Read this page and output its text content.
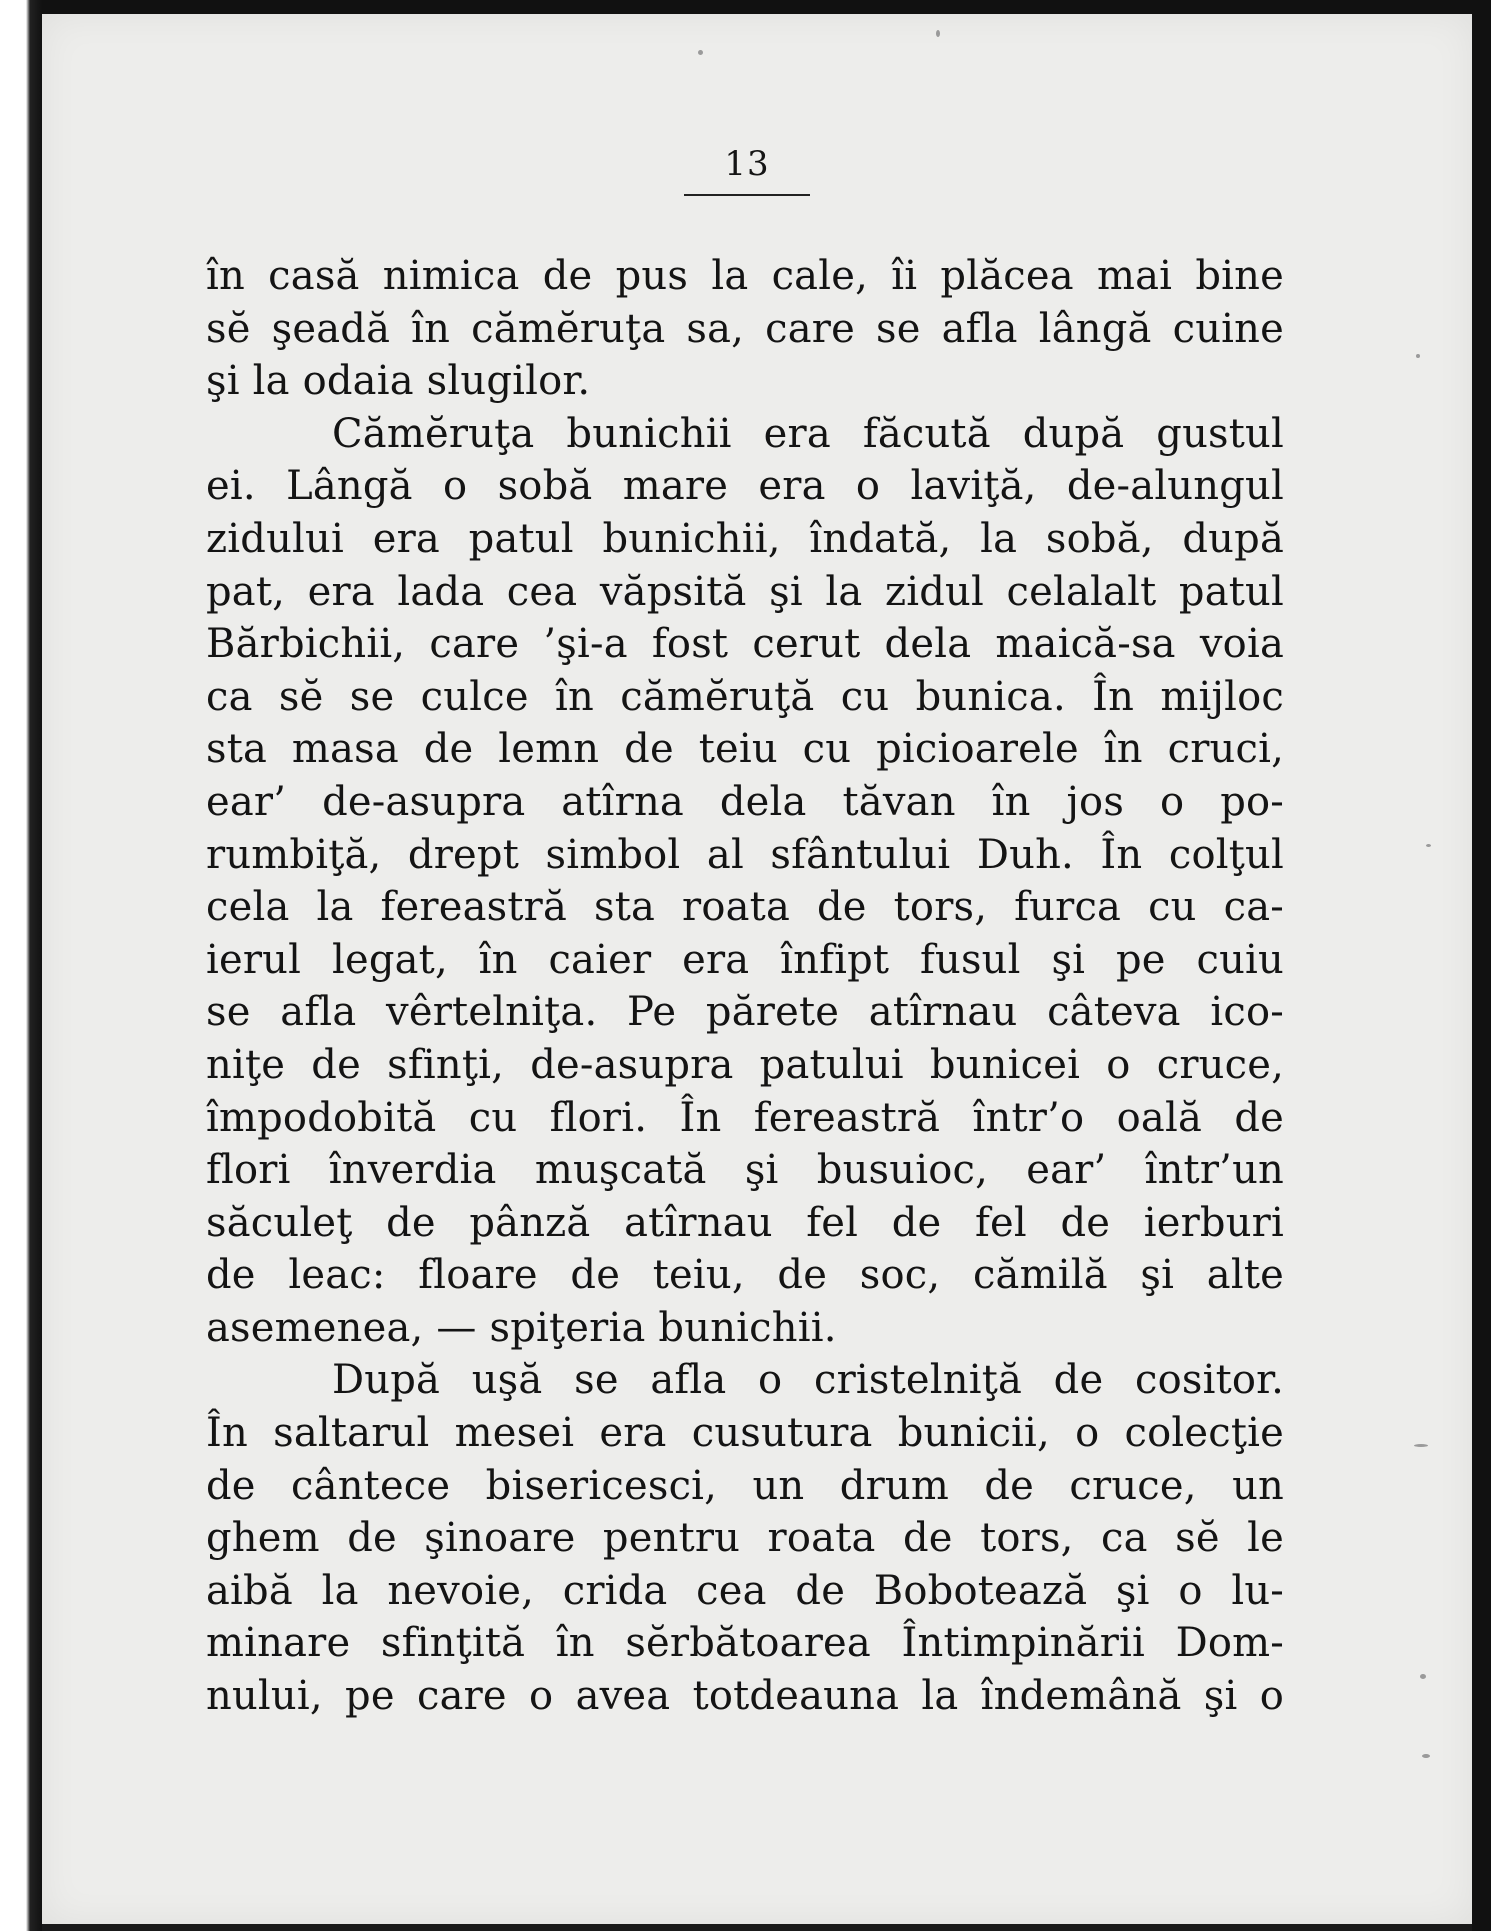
13
în casă nimica de pus la cale, îi plăcea mai bine
sĕ şeadă în cămĕruţa sa, care se afla lângă cuine
şi la odaia slugilor.
Cămĕruţa bunichii era făcută după gustul
ei. Lângă o sobă mare era o laviţă, de-alungul
zidului era patul bunichii, îndată, la sobă, după
pat, era lada cea văpsită şi la zidul celalalt patul
Bărbichii, care ’şi-a fost cerut dela maică-sa voia
ca sĕ se culce în cămĕruţă cu bunica. În mijloc
sta masa de lemn de teiu cu picioarele în cruci,
ear’ de-asupra atîrna dela tăvan în jos o po-
rumbiţă, drept simbol al sfântului Duh. În colţul
cela la fereastră sta roata de tors, furca cu ca-
ierul legat, în caier era înfipt fusul şi pe cuiu
se afla vêrtelniţa. Pe părete atîrnau câteva ico-
niţe de sfinţi, de-asupra patului bunicei o cruce,
împodobită cu flori. În fereastră într’o oală de
flori înverdia muşcată şi busuioc, ear’ într’un
săculeţ de pânză atîrnau fel de fel de ierburi
de leac: floare de teiu, de soc, cămilă şi alte
asemenea, — spiţeria bunichii.
După uşă se afla o cristelniţă de cositor.
În saltarul mesei era cusutura bunicii, o colecţie
de cântece bisericesci, un drum de cruce, un
ghem de şinoare pentru roata de tors, ca sĕ le
aibă la nevoie, crida cea de Bobotează şi o lu-
minare sfinţită în sĕrbătoarea Întimpinării Dom-
nului, pe care o avea totdeauna la îndemână şi o
